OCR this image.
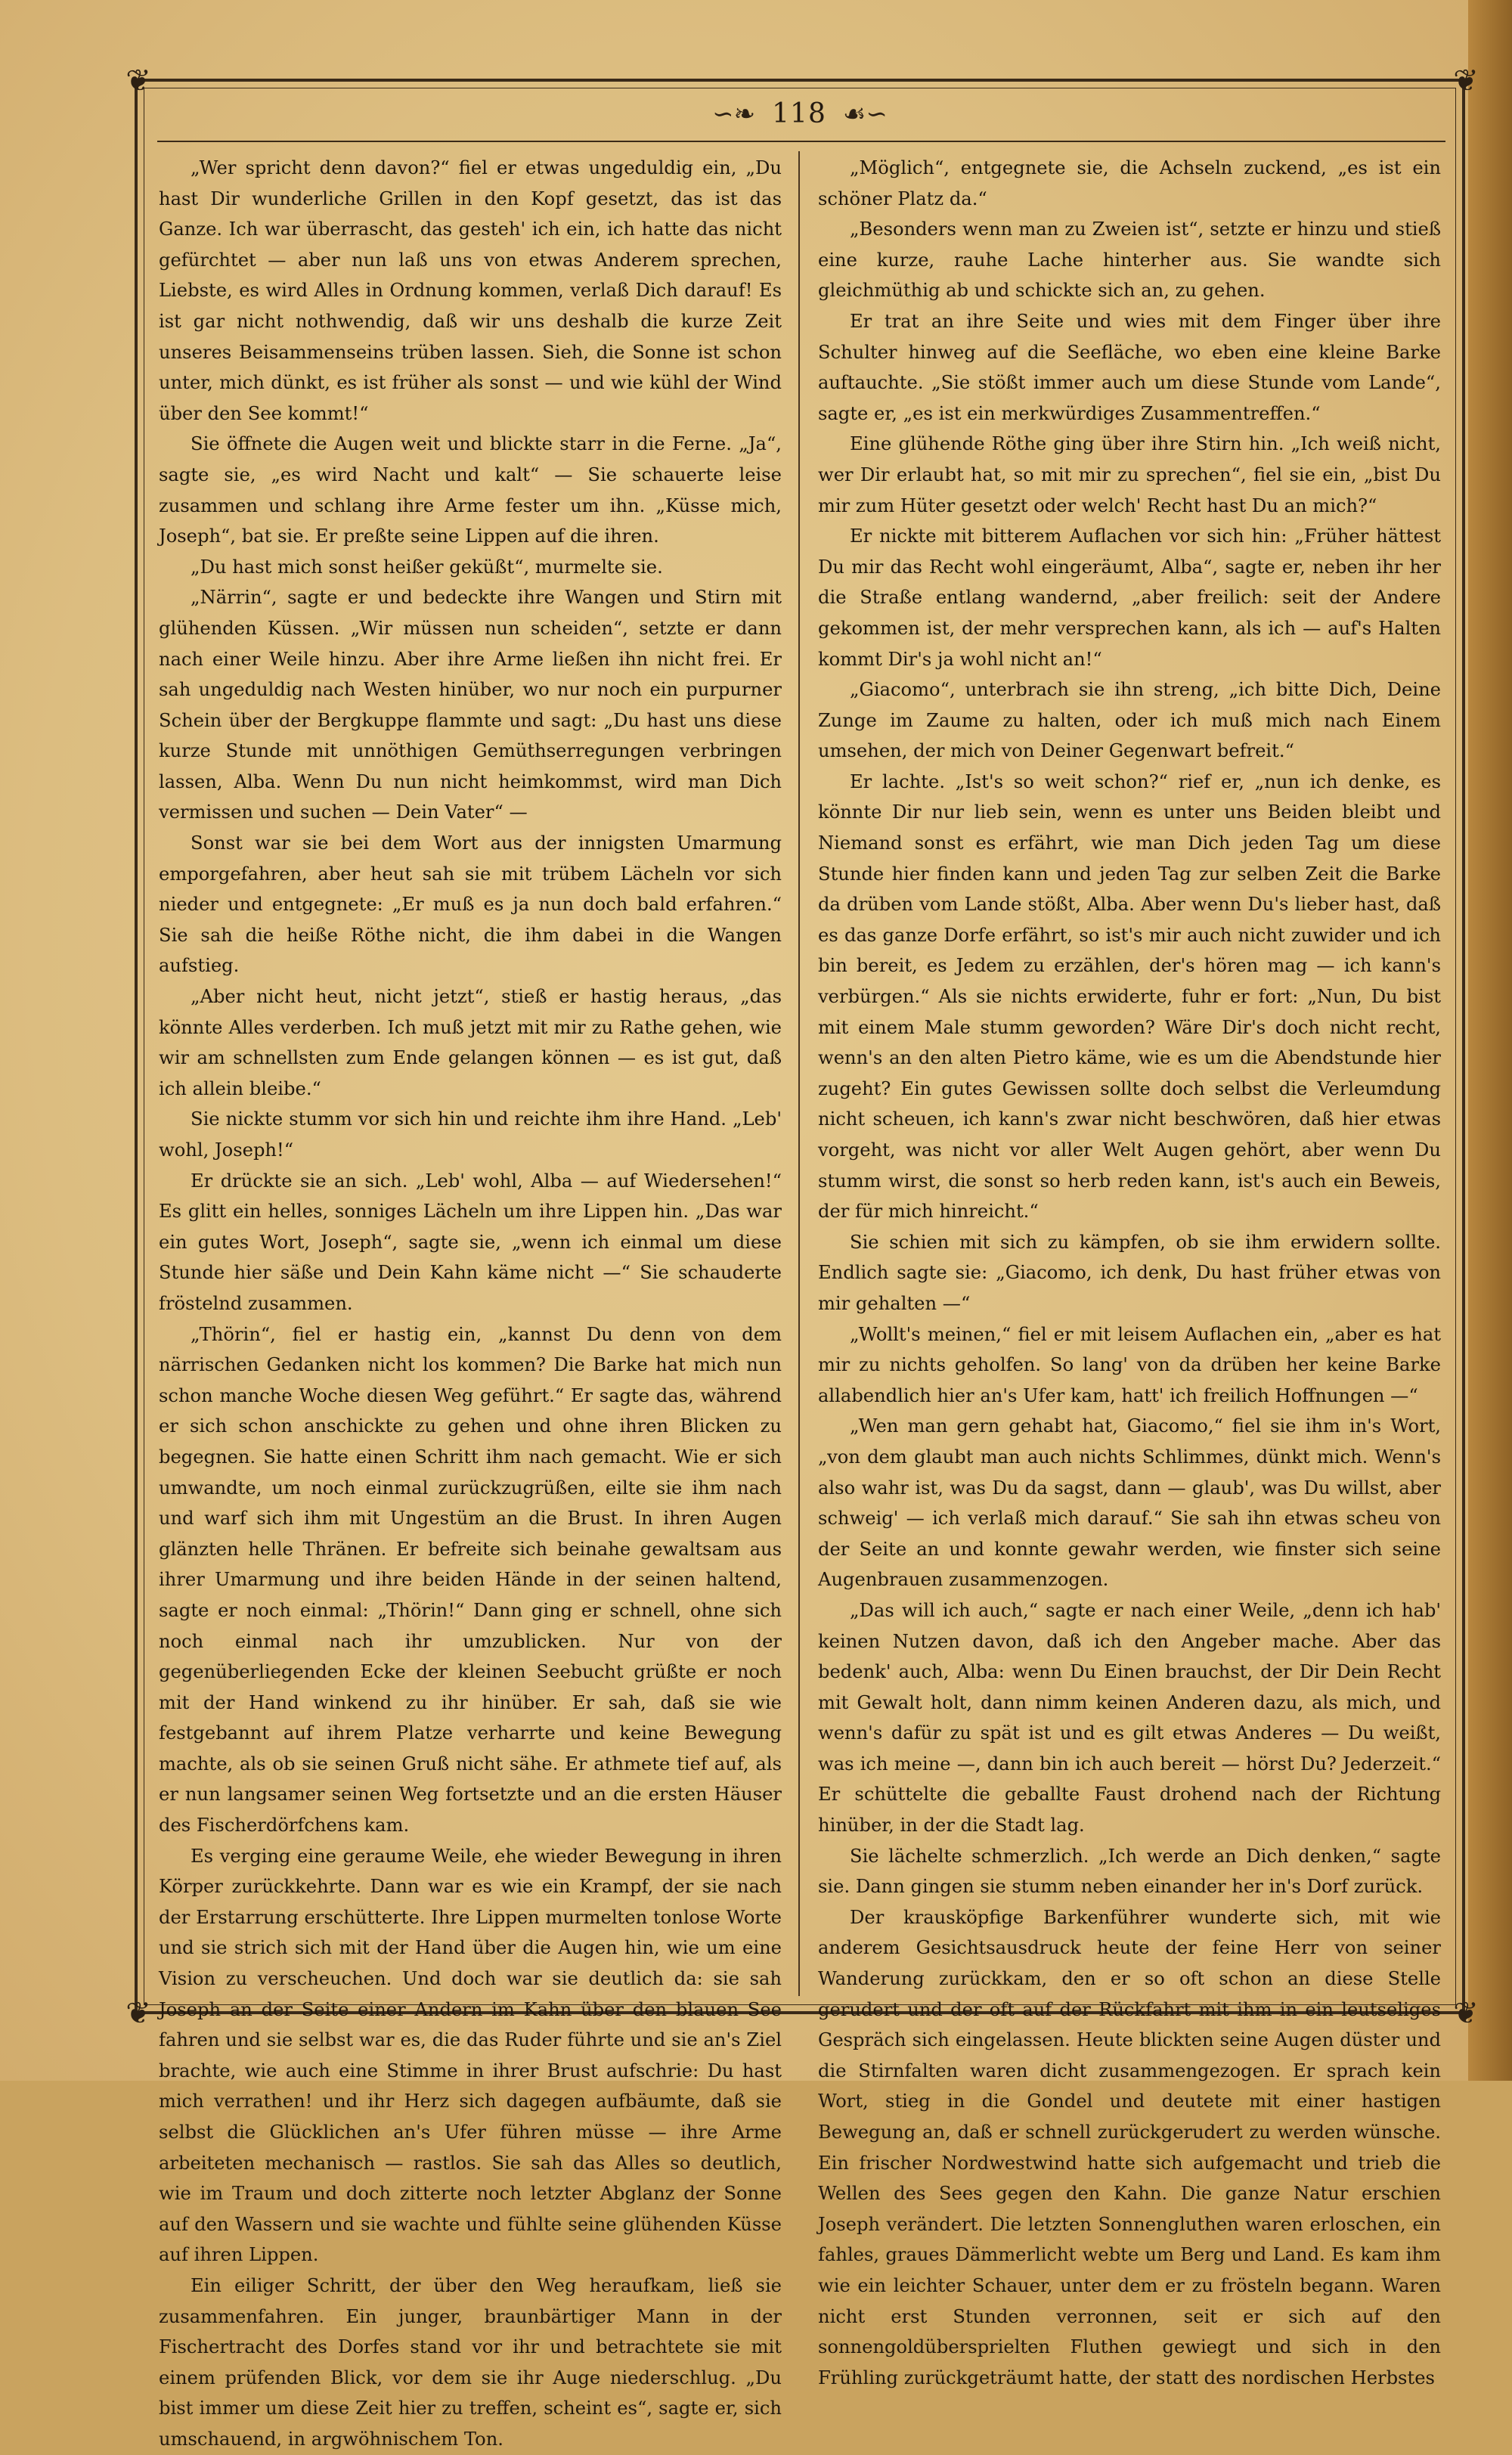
❦	❦
❦	❦
∽❧ 118 ☙∽

„Wer spricht denn davon?“ fiel er etwas ungeduldig ein, „Du hast Dir wunderliche Grillen in den Kopf gesetzt, das ist das Ganze. Ich war überrascht, das gesteh' ich ein, ich hatte das nicht gefürchtet — aber nun laß uns von etwas Anderem sprechen, Liebste, es wird Alles in Ordnung kommen, verlaß Dich darauf! Es ist gar nicht nothwendig, daß wir uns deshalb die kurze Zeit unseres Beisammenseins trüben lassen. Sieh, die Sonne ist schon unter, mich dünkt, es ist früher als sonst — und wie kühl der Wind über den See kommt!“

Sie öffnete die Augen weit und blickte starr in die Ferne. „Ja“, sagte sie, „es wird Nacht und kalt“ — Sie schauerte leise zusammen und schlang ihre Arme fester um ihn. „Küsse mich, Joseph“, bat sie. Er preßte seine Lippen auf die ihren.

„Du hast mich sonst heißer geküßt“, murmelte sie.

„Närrin“, sagte er und bedeckte ihre Wangen und Stirn mit glühenden Küssen. „Wir müssen nun scheiden“, setzte er dann nach einer Weile hinzu. Aber ihre Arme ließen ihn nicht frei. Er sah ungeduldig nach Westen hinüber, wo nur noch ein purpurner Schein über der Bergkuppe flammte und sagt: „Du hast uns diese kurze Stunde mit unnöthigen Gemüthserregungen verbringen lassen, Alba. Wenn Du nun nicht heimkommst, wird man Dich vermissen und suchen — Dein Vater“ —

Sonst war sie bei dem Wort aus der innigsten Umarmung emporgefahren, aber heut sah sie mit trübem Lächeln vor sich nieder und entgegnete: „Er muß es ja nun doch bald erfahren.“ Sie sah die heiße Röthe nicht, die ihm dabei in die Wangen aufstieg.

„Aber nicht heut, nicht jetzt“, stieß er hastig heraus, „das könnte Alles verderben. Ich muß jetzt mit mir zu Rathe gehen, wie wir am schnellsten zum Ende gelangen können — es ist gut, daß ich allein bleibe.“

Sie nickte stumm vor sich hin und reichte ihm ihre Hand. „Leb' wohl, Joseph!“

Er drückte sie an sich. „Leb' wohl, Alba — auf Wiedersehen!“ Es glitt ein helles, sonniges Lächeln um ihre Lippen hin. „Das war ein gutes Wort, Joseph“, sagte sie, „wenn ich einmal um diese Stunde hier säße und Dein Kahn käme nicht —“ Sie schauderte fröstelnd zusammen.

„Thörin“, fiel er hastig ein, „kannst Du denn von dem närrischen Gedanken nicht los kommen? Die Barke hat mich nun schon manche Woche diesen Weg geführt.“ Er sagte das, während er sich schon anschickte zu gehen und ohne ihren Blicken zu begegnen. Sie hatte einen Schritt ihm nach gemacht. Wie er sich umwandte, um noch einmal zurückzugrüßen, eilte sie ihm nach und warf sich ihm mit Ungestüm an die Brust. In ihren Augen glänzten helle Thränen. Er befreite sich beinahe gewaltsam aus ihrer Umarmung und ihre beiden Hände in der seinen haltend, sagte er noch einmal: „Thörin!“ Dann ging er schnell, ohne sich noch einmal nach ihr umzublicken. Nur von der gegenüberliegenden Ecke der kleinen Seebucht grüßte er noch mit der Hand winkend zu ihr hinüber. Er sah, daß sie wie festgebannt auf ihrem Platze verharrte und keine Bewegung machte, als ob sie seinen Gruß nicht sähe. Er athmete tief auf, als er nun langsamer seinen Weg fortsetzte und an die ersten Häuser des Fischerdörfchens kam.

Es verging eine geraume Weile, ehe wieder Bewegung in ihren Körper zurückkehrte. Dann war es wie ein Krampf, der sie nach der Erstarrung erschütterte. Ihre Lippen murmelten tonlose Worte und sie strich sich mit der Hand über die Augen hin, wie um eine Vision zu verscheuchen. Und doch war sie deutlich da: sie sah Joseph an der Seite einer Andern im Kahn über den blauen See fahren und sie selbst war es, die das Ruder führte und sie an's Ziel brachte, wie auch eine Stimme in ihrer Brust aufschrie: Du hast mich verrathen! und ihr Herz sich dagegen aufbäumte, daß sie selbst die Glücklichen an's Ufer führen müsse — ihre Arme arbeiteten mechanisch — rastlos. Sie sah das Alles so deutlich, wie im Traum und doch zitterte noch letzter Abglanz der Sonne auf den Wassern und sie wachte und fühlte seine glühenden Küsse auf ihren Lippen.

Ein eiliger Schritt, der über den Weg heraufkam, ließ sie zusammenfahren. Ein junger, braunbärtiger Mann in der Fischertracht des Dorfes stand vor ihr und betrachtete sie mit einem prüfenden Blick, vor dem sie ihr Auge niederschlug. „Du bist immer um diese Zeit hier zu treffen, scheint es“, sagte er, sich umschauend, in argwöhnischem Ton.

„Möglich“, entgegnete sie, die Achseln zuckend, „es ist ein schöner Platz da.“

„Besonders wenn man zu Zweien ist“, setzte er hinzu und stieß eine kurze, rauhe Lache hinterher aus. Sie wandte sich gleichmüthig ab und schickte sich an, zu gehen.

Er trat an ihre Seite und wies mit dem Finger über ihre Schulter hinweg auf die Seefläche, wo eben eine kleine Barke auftauchte. „Sie stößt immer auch um diese Stunde vom Lande“, sagte er, „es ist ein merkwürdiges Zusammentreffen.“

Eine glühende Röthe ging über ihre Stirn hin. „Ich weiß nicht, wer Dir erlaubt hat, so mit mir zu sprechen“, fiel sie ein, „bist Du mir zum Hüter gesetzt oder welch' Recht hast Du an mich?“

Er nickte mit bitterem Auflachen vor sich hin: „Früher hättest Du mir das Recht wohl eingeräumt, Alba“, sagte er, neben ihr her die Straße entlang wandernd, „aber freilich: seit der Andere gekommen ist, der mehr versprechen kann, als ich — auf's Halten kommt Dir's ja wohl nicht an!“

„Giacomo“, unterbrach sie ihn streng, „ich bitte Dich, Deine Zunge im Zaume zu halten, oder ich muß mich nach Einem umsehen, der mich von Deiner Gegenwart befreit.“

Er lachte. „Ist's so weit schon?“ rief er, „nun ich denke, es könnte Dir nur lieb sein, wenn es unter uns Beiden bleibt und Niemand sonst es erfährt, wie man Dich jeden Tag um diese Stunde hier finden kann und jeden Tag zur selben Zeit die Barke da drüben vom Lande stößt, Alba. Aber wenn Du's lieber hast, daß es das ganze Dorfe erfährt, so ist's mir auch nicht zuwider und ich bin bereit, es Jedem zu erzählen, der's hören mag — ich kann's verbürgen.“ Als sie nichts erwiderte, fuhr er fort: „Nun, Du bist mit einem Male stumm geworden? Wäre Dir's doch nicht recht, wenn's an den alten Pietro käme, wie es um die Abendstunde hier zugeht? Ein gutes Gewissen sollte doch selbst die Verleumdung nicht scheuen, ich kann's zwar nicht beschwören, daß hier etwas vorgeht, was nicht vor aller Welt Augen gehört, aber wenn Du stumm wirst, die sonst so herb reden kann, ist's auch ein Beweis, der für mich hinreicht.“

Sie schien mit sich zu kämpfen, ob sie ihm erwidern sollte. Endlich sagte sie: „Giacomo, ich denk, Du hast früher etwas von mir gehalten —“

„Wollt's meinen,“ fiel er mit leisem Auflachen ein, „aber es hat mir zu nichts geholfen. So lang' von da drüben her keine Barke allabendlich hier an's Ufer kam, hatt' ich freilich Hoffnungen —“

„Wen man gern gehabt hat, Giacomo,“ fiel sie ihm in's Wort, „von dem glaubt man auch nichts Schlimmes, dünkt mich. Wenn's also wahr ist, was Du da sagst, dann — glaub', was Du willst, aber schweig' — ich verlaß mich darauf.“ Sie sah ihn etwas scheu von der Seite an und konnte gewahr werden, wie finster sich seine Augenbrauen zusammenzogen.

„Das will ich auch,“ sagte er nach einer Weile, „denn ich hab' keinen Nutzen davon, daß ich den Angeber mache. Aber das bedenk' auch, Alba: wenn Du Einen brauchst, der Dir Dein Recht mit Gewalt holt, dann nimm keinen Anderen dazu, als mich, und wenn's dafür zu spät ist und es gilt etwas Anderes — Du weißt, was ich meine —, dann bin ich auch bereit — hörst Du? Jederzeit.“ Er schüttelte die geballte Faust drohend nach der Richtung hinüber, in der die Stadt lag.

Sie lächelte schmerzlich. „Ich werde an Dich denken,“ sagte sie. Dann gingen sie stumm neben einander her in's Dorf zurück.

Der krausköpfige Barkenführer wunderte sich, mit wie anderem Gesichtsausdruck heute der feine Herr von seiner Wanderung zurückkam, den er so oft schon an diese Stelle gerudert und der oft auf der Rückfahrt mit ihm in ein leutseliges Gespräch sich eingelassen. Heute blickten seine Augen düster und die Stirnfalten waren dicht zusammengezogen. Er sprach kein Wort, stieg in die Gondel und deutete mit einer hastigen Bewegung an, daß er schnell zurückgerudert zu werden wünsche. Ein frischer Nordwestwind hatte sich aufgemacht und trieb die Wellen des Sees gegen den Kahn. Die ganze Natur erschien Joseph verändert. Die letzten Sonnengluthen waren erloschen, ein fahles, graues Dämmerlicht webte um Berg und Land. Es kam ihm wie ein leichter Schauer, unter dem er zu frösteln begann. Waren nicht erst Stunden verronnen, seit er sich auf den sonnengoldübersprielten Fluthen gewiegt und sich in den Frühling zurückgeträumt hatte, der statt des nordischen Herbstes
